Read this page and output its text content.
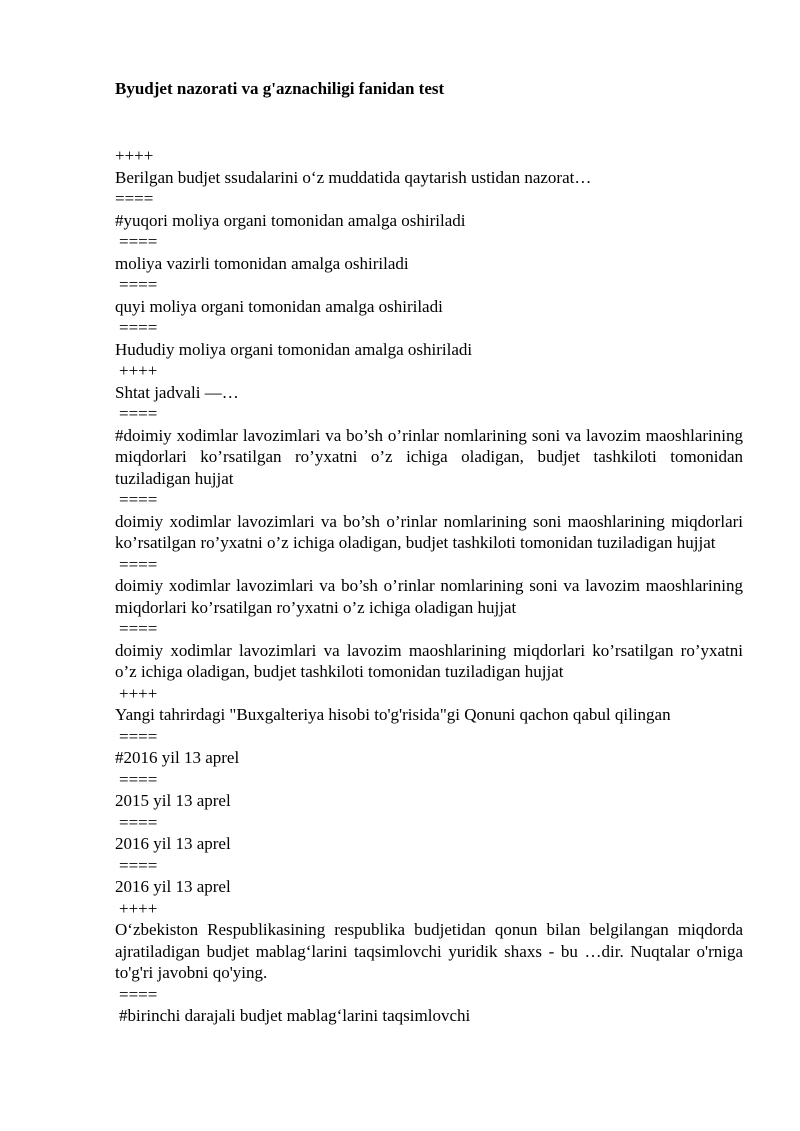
Byudjet nazorati va g'aznachiligi fanidan test
++++
Berilgan budjet ssudalarini o‘z muddatida qaytarish ustidan nazorat…
====
#yuqori moliya organi tomonidan amalga oshiriladi
====
moliya vazirli tomonidan amalga oshiriladi
====
quyi moliya organi tomonidan amalga oshiriladi
====
Hududiy moliya organi tomonidan amalga oshiriladi
++++
Shtat jadvali —…
====
#doimiy xodimlar lavozimlari va bo’sh o’rinlar nomlarining soni va lavozim maoshlarining miqdorlari ko’rsatilgan ro’yxatni o’z ichiga oladigan, budjet tashkiloti tomonidan tuziladigan hujjat
====
doimiy xodimlar lavozimlari va bo’sh o’rinlar nomlarining soni maoshlarining miqdorlari ko’rsatilgan ro’yxatni o’z ichiga oladigan, budjet tashkiloti tomonidan tuziladigan hujjat
====
doimiy xodimlar lavozimlari va bo’sh o’rinlar nomlarining soni va lavozim maoshlarining miqdorlari ko’rsatilgan ro’yxatni o’z ichiga oladigan hujjat
====
doimiy xodimlar lavozimlari va lavozim maoshlarining miqdorlari ko’rsatilgan ro’yxatni o’z ichiga oladigan, budjet tashkiloti tomonidan tuziladigan hujjat
++++
Yangi tahrirdagi "Buxgalteriya hisobi to'g'risida"gi Qonuni qachon qabul qilingan
====
#2016 yil 13 aprel
====
2015 yil 13 aprel
====
2016 yil 13 aprel
====
2016 yil 13 aprel
++++
O‘zbekiston Respublikasining respublika budjetidan qonun bilan belgilangan miqdorda ajratiladigan budjet mablag‘larini taqsimlovchi yuridik shaxs - bu …dir. Nuqtalar o'rniga to'g'ri javobni qo'ying.
====
#birinchi darajali budjet mablag‘larini taqsimlovchi
